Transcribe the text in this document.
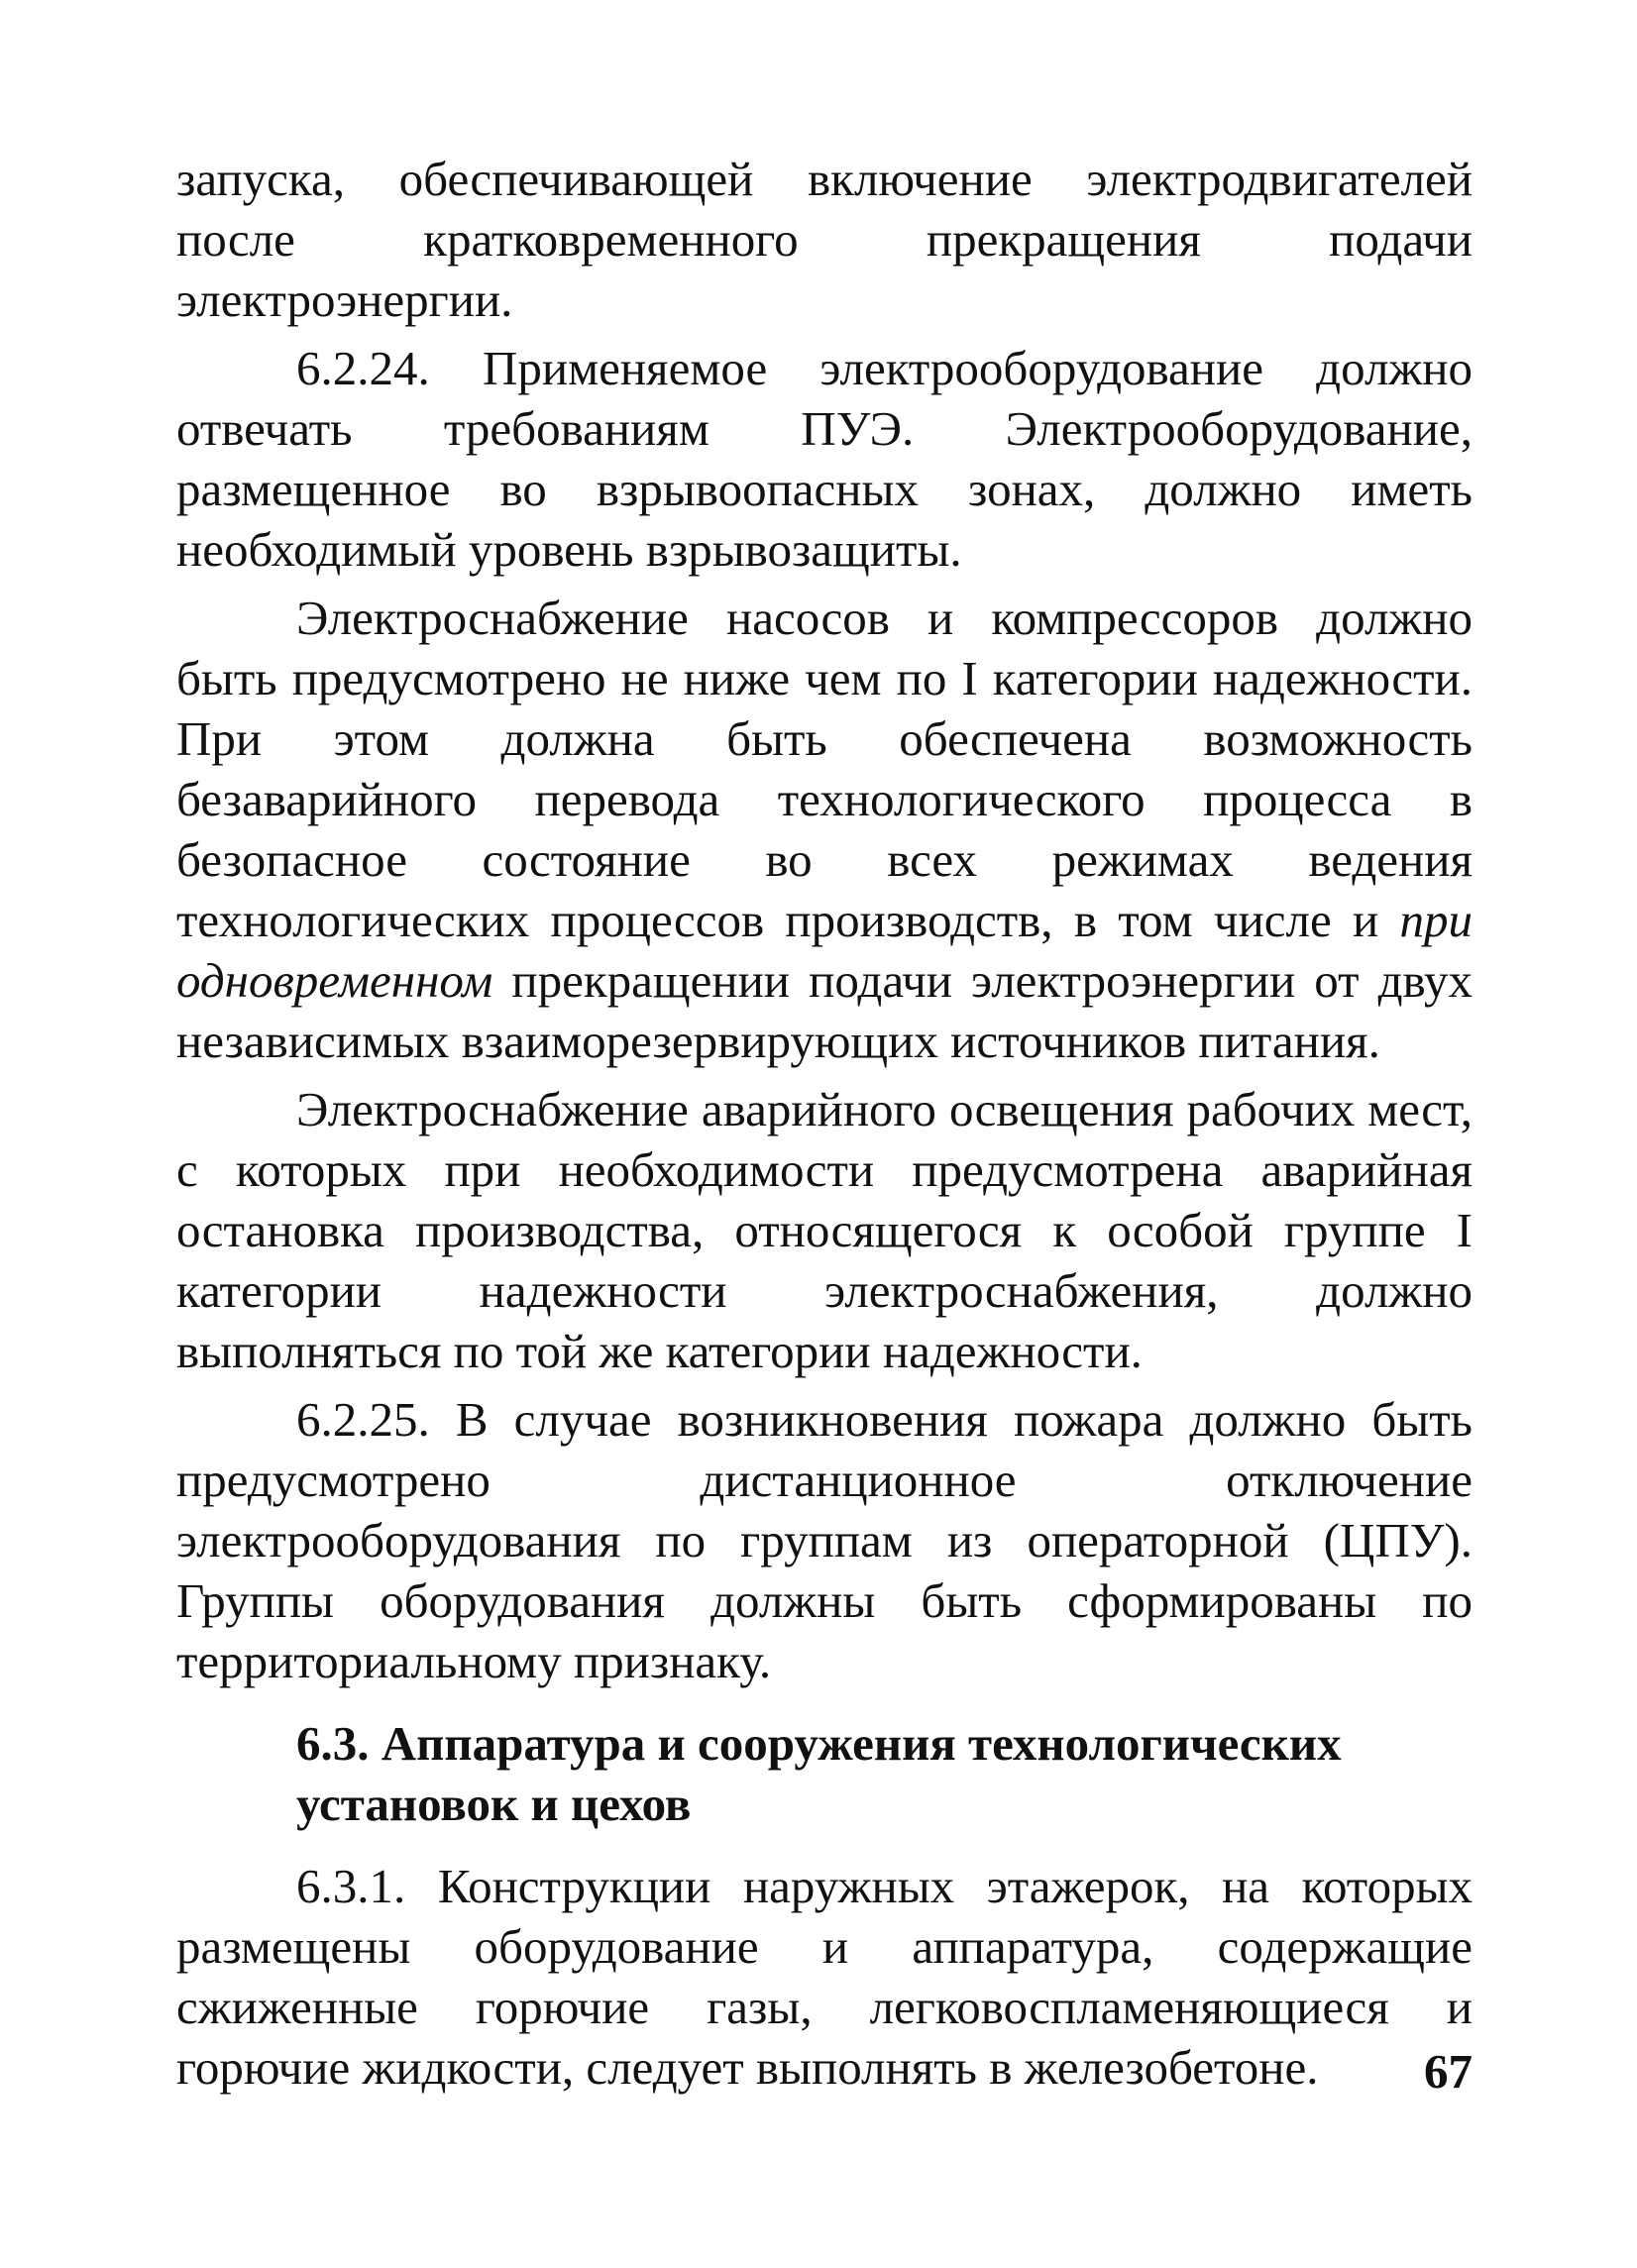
запуска, обеспечивающей включение электродвигателей после кратковременного прекращения подачи электроэнергии.

6.2.24. Применяемое электрооборудование должно отвечать требованиям ПУЭ. Электрооборудование, размещенное во взрывоопасных зонах, должно иметь необходимый уровень взрывозащиты.

Электроснабжение насосов и компрессоров должно быть предусмотрено не ниже чем по I категории надежности. При этом должна быть обеспечена возможность безаварийного перевода технологического процесса в безопасное состояние во всех режимах ведения технологических процессов производств, в том числе и при одновременном прекращении подачи электроэнергии от двух независимых взаиморезервирующих источников питания.

Электроснабжение аварийного освещения рабочих мест, с которых при необходимости предусмотрена аварийная остановка производства, относящегося к особой группе I категории надежности электроснабжения, должно выполняться по той же категории надежности.

6.2.25. В случае возникновения пожара должно быть предусмотрено дистанционное отключение электрооборудования по группам из операторной (ЦПУ). Группы оборудования должны быть сформированы по территориальному признаку.

6.3. Аппаратура и сооружения технологических установок и цехов

6.3.1. Конструкции наружных этажерок, на которых размещены оборудование и аппаратура, содержащие сжиженные горючие газы, легковоспламеняющиеся и горючие жидкости, следует выполнять в железобетоне.	67
